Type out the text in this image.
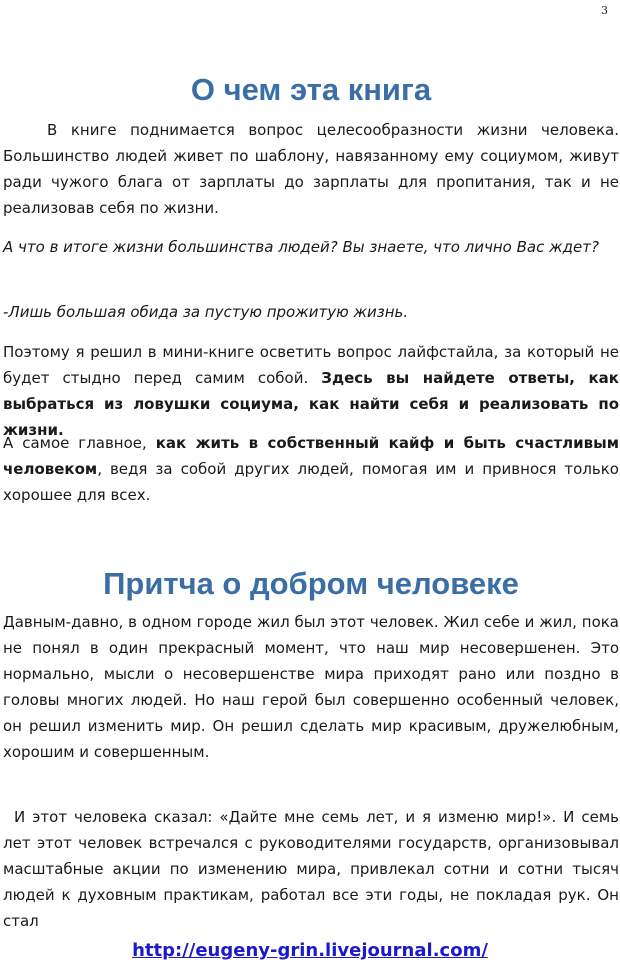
3
О чем эта книга

В книге поднимается вопрос целесообразности жизни человека. Большинство людей живет по шаблону, навязанному ему социумом, живут ради чужого блага от зарплаты до зарплаты для пропитания, так и не реализовав себя по жизни.

А что в итоге жизни большинства людей? Вы знаете, что лично Вас ждет?

-Лишь большая обида за пустую прожитую жизнь.

Поэтому я решил в мини-книге осветить вопрос лайфстайла, за который не будет стыдно перед самим собой. Здесь вы найдете ответы, как выбраться из ловушки социума, как найти себя и реализовать по жизни.

А самое главное, как жить в собственный кайф и быть счастливым человеком, ведя за собой других людей, помогая им и привнося только хорошее для всех.

Притча о добром человеке

Давным-давно, в одном городе жил был этот человек. Жил себе и жил, пока не понял в один прекрасный момент, что наш мир несовершенен. Это нормально, мысли о несовершенстве мира приходят рано или поздно в головы многих людей. Но наш герой был совершенно особенный человек, он решил изменить мир. Он решил сделать мир красивым, дружелюбным, хорошим и совершенным.

И этот человека сказал: «Дайте мне семь лет, и я изменю мир!». И семь лет этот человек встречался с руководителями государств, организовывал масштабные акции по изменению мира, привлекал сотни и сотни тысяч людей к духовным практикам, работал все эти годы, не покладая рук. Он стал

http://eugeny-grin.livejournal.com/
